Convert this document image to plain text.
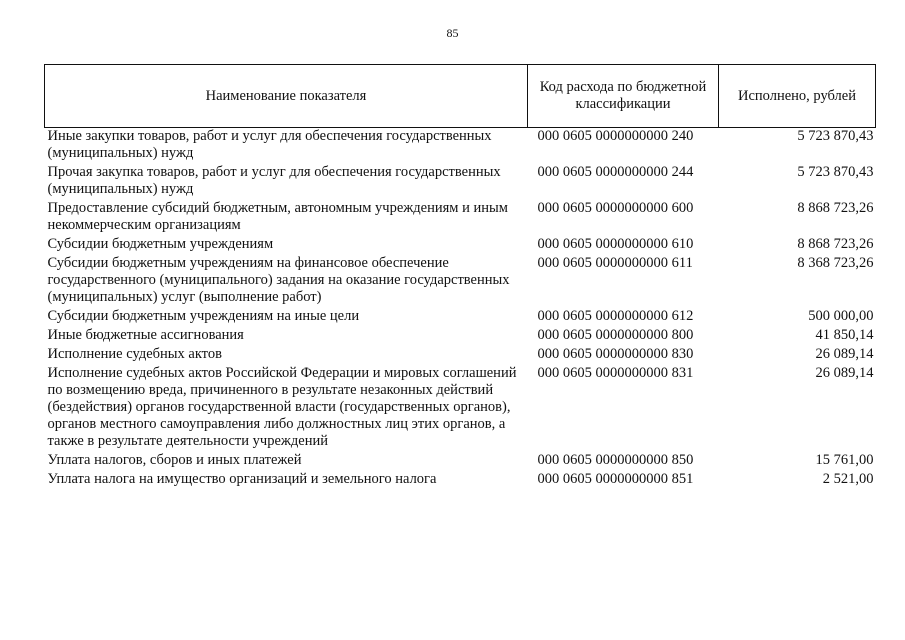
85
Наименование показателя	Код расхода по бюджетной классификации	Исполнено, рублей
Иные закупки товаров, работ и услуг для обеспечения государственных (муниципальных) нужд	000 0605 0000000000 240	5 723 870,43
Прочая закупка товаров, работ и услуг для обеспечения государственных (муниципальных) нужд	000 0605 0000000000 244	5 723 870,43
Предоставление субсидий бюджетным, автономным учреждениям и иным некоммерческим организациям	000 0605 0000000000 600	8 868 723,26
Субсидии бюджетным учреждениям	000 0605 0000000000 610	8 868 723,26
Субсидии бюджетным учреждениям на финансовое обеспечение государственного (муниципального) задания на оказание государственных (муниципальных) услуг (выполнение работ)	000 0605 0000000000 611	8 368 723,26
Субсидии бюджетным учреждениям на иные цели	000 0605 0000000000 612	500 000,00
Иные бюджетные ассигнования	000 0605 0000000000 800	41 850,14
Исполнение судебных актов	000 0605 0000000000 830	26 089,14
Исполнение судебных актов Российской Федерации и мировых соглашений по возмещению вреда, причиненного в результате незаконных действий (бездействия) органов государственной власти (государственных органов), органов местного самоуправления либо должностных лиц этих органов, а также в результате деятельности учреждений	000 0605 0000000000 831	26 089,14
Уплата налогов, сборов и иных платежей	000 0605 0000000000 850	15 761,00
Уплата налога на имущество организаций и земельного налога	000 0605 0000000000 851	2 521,00
